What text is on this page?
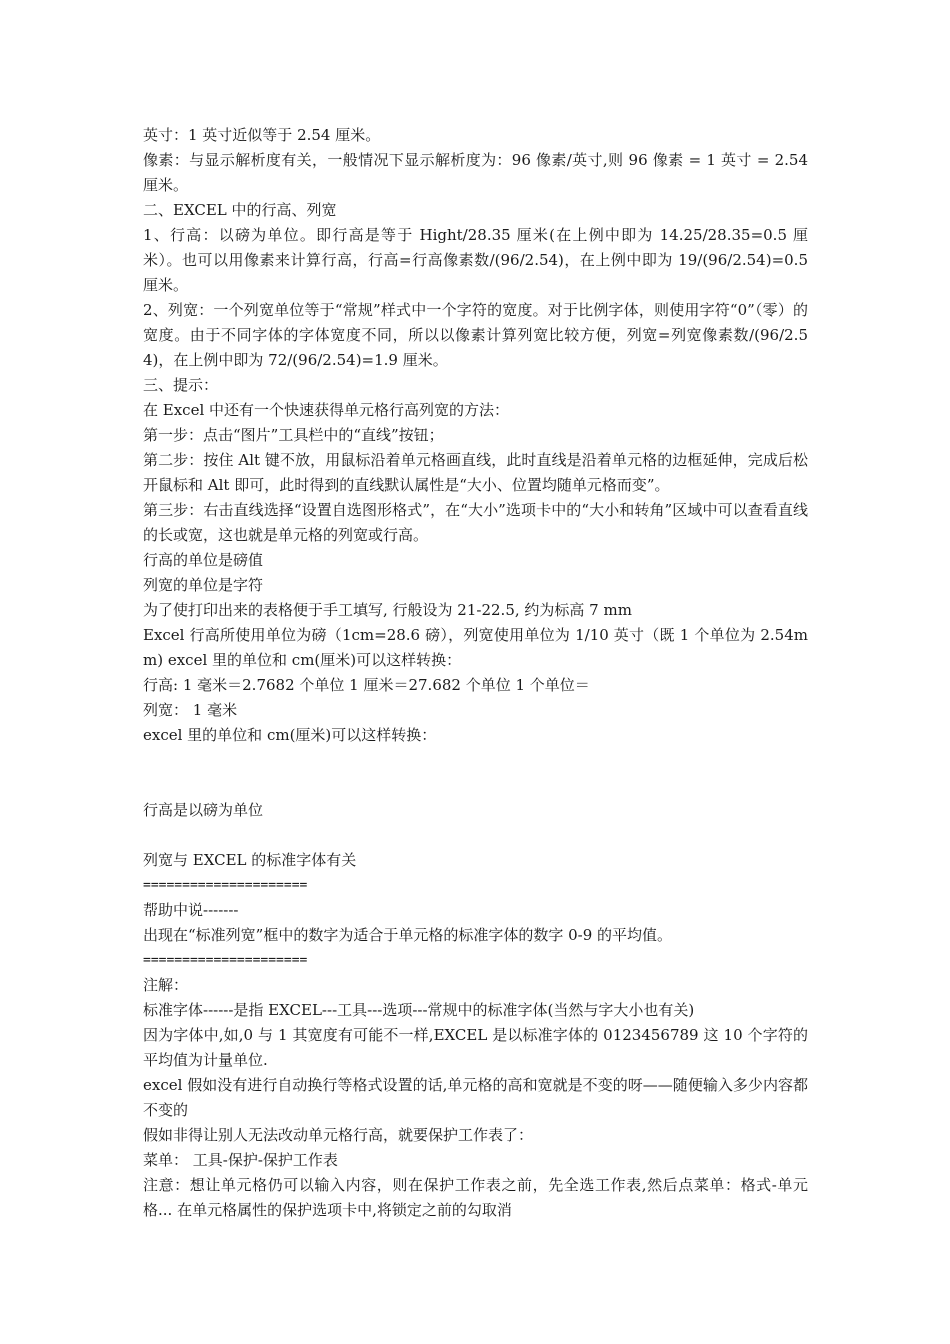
英寸：1 英寸近似等于 2.54 厘米。

像素：与显示解析度有关，一般情况下显示解析度为：96 像素/英寸,则 96 像素 = 1 英寸 = 2.54 厘米。

二、EXCEL 中的行高、列宽

1、行高：以磅为单位。即行高是等于 Hight/28.35 厘米(在上例中即为 14.25/28.35=0.5 厘米）。也可以用像素来计算行高，行高=行高像素数/(96/2.54)，在上例中即为 19/(96/2.54)=0.5 厘米。

2、列宽：一个列宽单位等于“常规”样式中一个字符的宽度。对于比例字体，则使用字符“0”（零）的宽度。由于不同字体的字体宽度不同，所以以像素计算列宽比较方便，列宽=列宽像素数/(96/2.54)，在上例中即为 72/(96/2.54)=1.9 厘米。

三、提示：

在 Excel 中还有一个快速获得单元格行高列宽的方法：

第一步：点击“图片”工具栏中的“直线”按钮；

第二步：按住 Alt 键不放，用鼠标沿着单元格画直线，此时直线是沿着单元格的边框延伸，完成后松开鼠标和 Alt 即可，此时得到的直线默认属性是“大小、位置均随单元格而变”。

第三步：右击直线选择“设置自选图形格式”，在“大小”选项卡中的“大小和转角”区域中可以查看直线的长或宽，这也就是单元格的列宽或行高。

行高的单位是磅值

列宽的单位是字符

为了使打印出来的表格便于手工填写, 行般设为 21-22.5, 约为标高 7 mm

Excel 行高所使用单位为磅（1cm=28.6 磅），列宽使用单位为 1/10 英寸（既 1 个单位为 2.54mm) excel 里的单位和 cm(厘米)可以这样转换：

行高: 1 毫米＝2.7682 个单位 1 厘米＝27.682 个单位 1 个单位＝

列宽： 1 毫米

excel 里的单位和 cm(厘米)可以这样转换：

行高是以磅为单位

列宽与 EXCEL 的标准字体有关

=====================

帮助中说-------

出现在“标准列宽”框中的数字为适合于单元格的标准字体的数字 0-9 的平均值。

=====================

注解：

标准字体------是指 EXCEL---工具---选项---常规中的标准字体(当然与字大小也有关)

因为字体中,如,0 与 1 其宽度有可能不一样,EXCEL 是以标准字体的 0123456789 这 10 个字符的平均值为计量单位.

excel 假如没有进行自动换行等格式设置的话,单元格的高和宽就是不变的呀——随便输入多少内容都不变的

假如非得让别人无法改动单元格行高，就要保护工作表了：

菜单： 工具-保护-保护工作表

注意：想让单元格仍可以输入内容，则在保护工作表之前，先全选工作表,然后点菜单：格式-单元格... 在单元格属性的保护选项卡中,将锁定之前的勾取消
